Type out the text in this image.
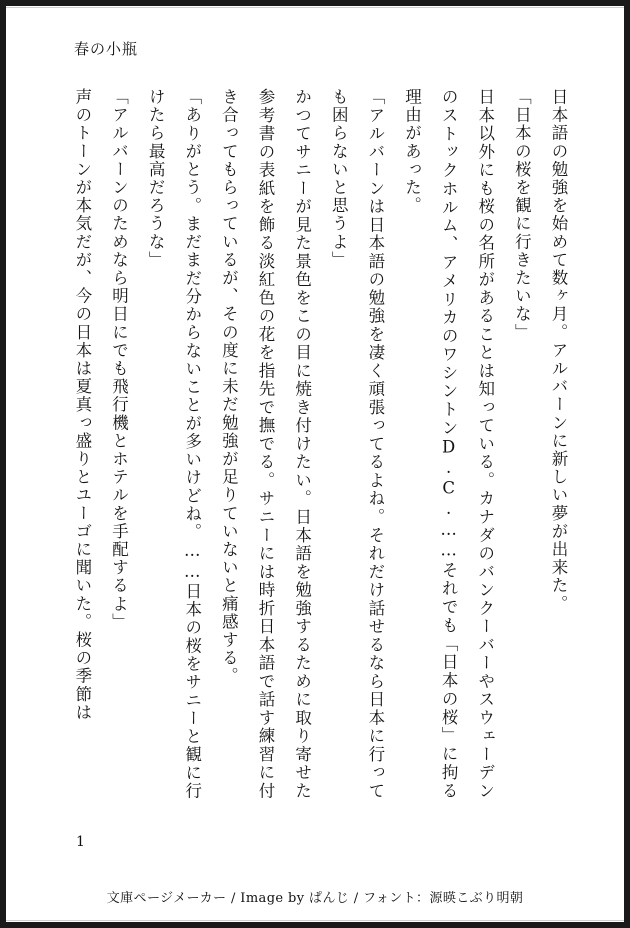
春の小瓶

日本語の勉強を始めて数ヶ月。アルバーンに新しい夢が出来た。

「日本の桜を観に行きたいな」

日本以外にも桜の名所があることは知っている。カナダのバンクーバーやスウェーデンのストックホルム、アメリカのワシントンD.C.……それでも「日本の桜」に拘る理由があった。

「アルバーンは日本語の勉強を凄く頑張ってるよね。それだけ話せるなら日本に行っても困らないと思うよ」

かつてサニーが見た景色をこの目に焼き付けたい。日本語を勉強するために取り寄せた参考書の表紙を飾る淡紅色の花を指先で撫でる。サニーには時折日本語で話す練習に付き合ってもらっているが、その度に未だ勉強が足りていないと痛感する。

「ありがとう。まだまだ分からないことが多いけどね。……日本の桜をサニーと観に行けたら最高だろうな」

「アルバーンのためなら明日にでも飛行機とホテルを手配するよ」

声のトーンが本気だが、今の日本は夏真っ盛りとユーゴに聞いた。桜の季節は

1
文庫ページメーカー / Image by ぱんじ / フォント：源暎こぶり明朝
